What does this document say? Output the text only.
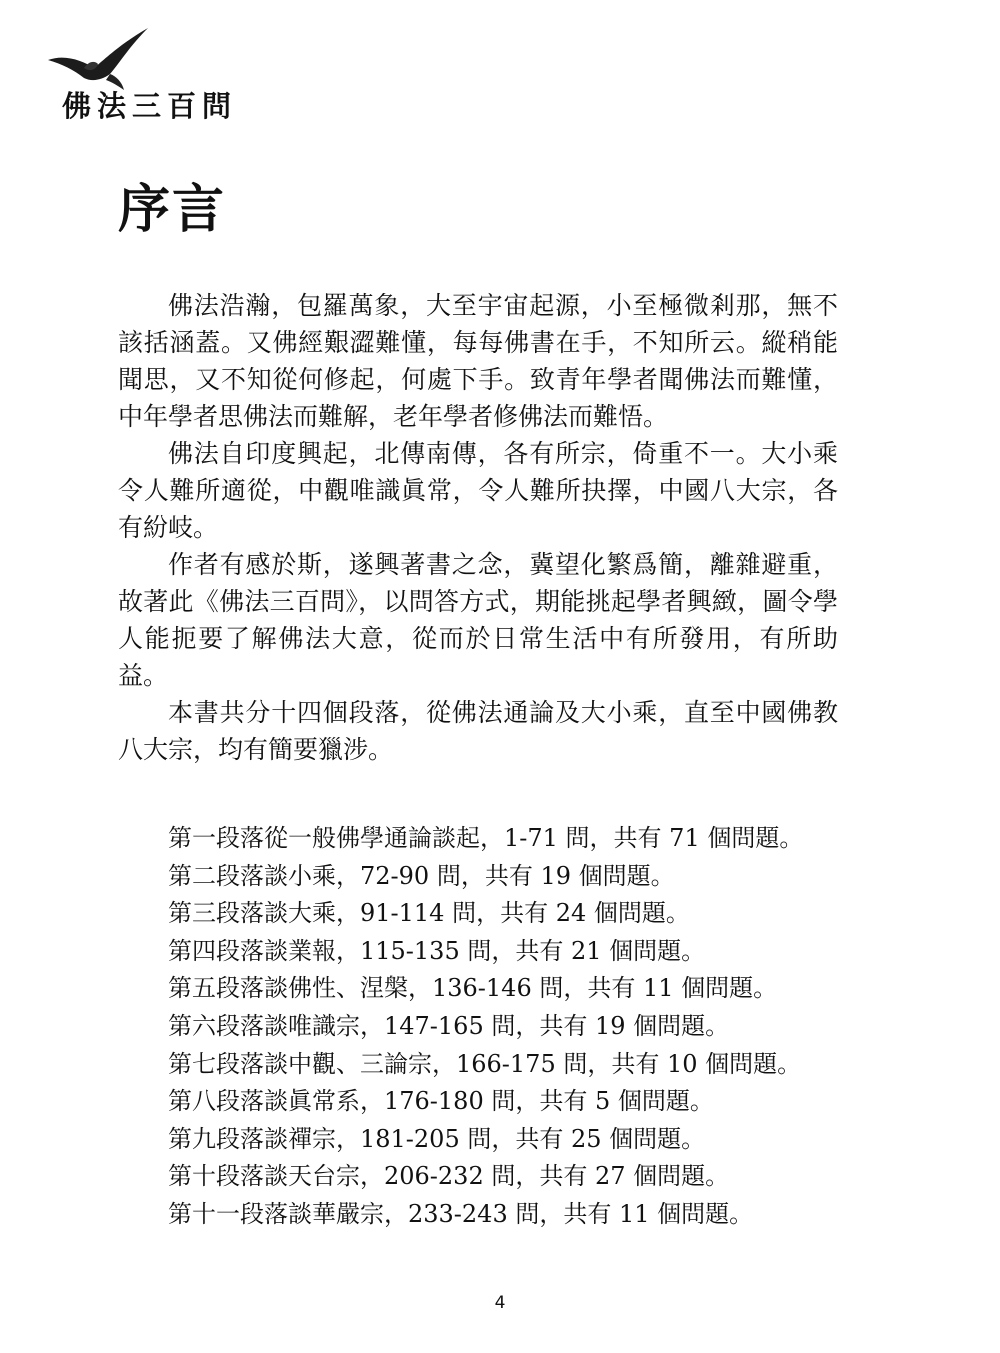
佛法三百問
序言

佛法浩瀚，包羅萬象，大至宇宙起源，小至極微剎那，無不該括涵蓋。又佛經艱澀難懂，每每佛書在手，不知所云。縱稍能聞思，又不知從何修起，何處下手。致青年學者聞佛法而難懂，中年學者思佛法而難解，老年學者修佛法而難悟。

佛法自印度興起，北傳南傳，各有所宗，倚重不一。大小乘令人難所適從，中觀唯識眞常，令人難所抉擇，中國八大宗，各有紛岐。

作者有感於斯，遂興著書之念，冀望化繁爲簡，離雜避重，故著此《佛法三百問》，以問答方式，期能挑起學者興緻，圖令學人能扼要了解佛法大意，從而於日常生活中有所發用，有所助益。

本書共分十四個段落，從佛法通論及大小乘，直至中國佛教八大宗，均有簡要獵涉。

第一段落從一般佛學通論談起，1-71 問，共有 71 個問題。
第二段落談小乘，72-90 問，共有 19 個問題。
第三段落談大乘，91-114 問，共有 24 個問題。
第四段落談業報，115-135 問，共有 21 個問題。
第五段落談佛性、涅槃，136-146 問，共有 11 個問題。
第六段落談唯識宗，147-165 問，共有 19 個問題。
第七段落談中觀、三論宗，166-175 問，共有 10 個問題。
第八段落談眞常系，176-180 問，共有 5 個問題。
第九段落談禪宗，181-205 問，共有 25 個問題。
第十段落談天台宗，206-232 問，共有 27 個問題。
第十一段落談華嚴宗，233-243 問，共有 11 個問題。
4
